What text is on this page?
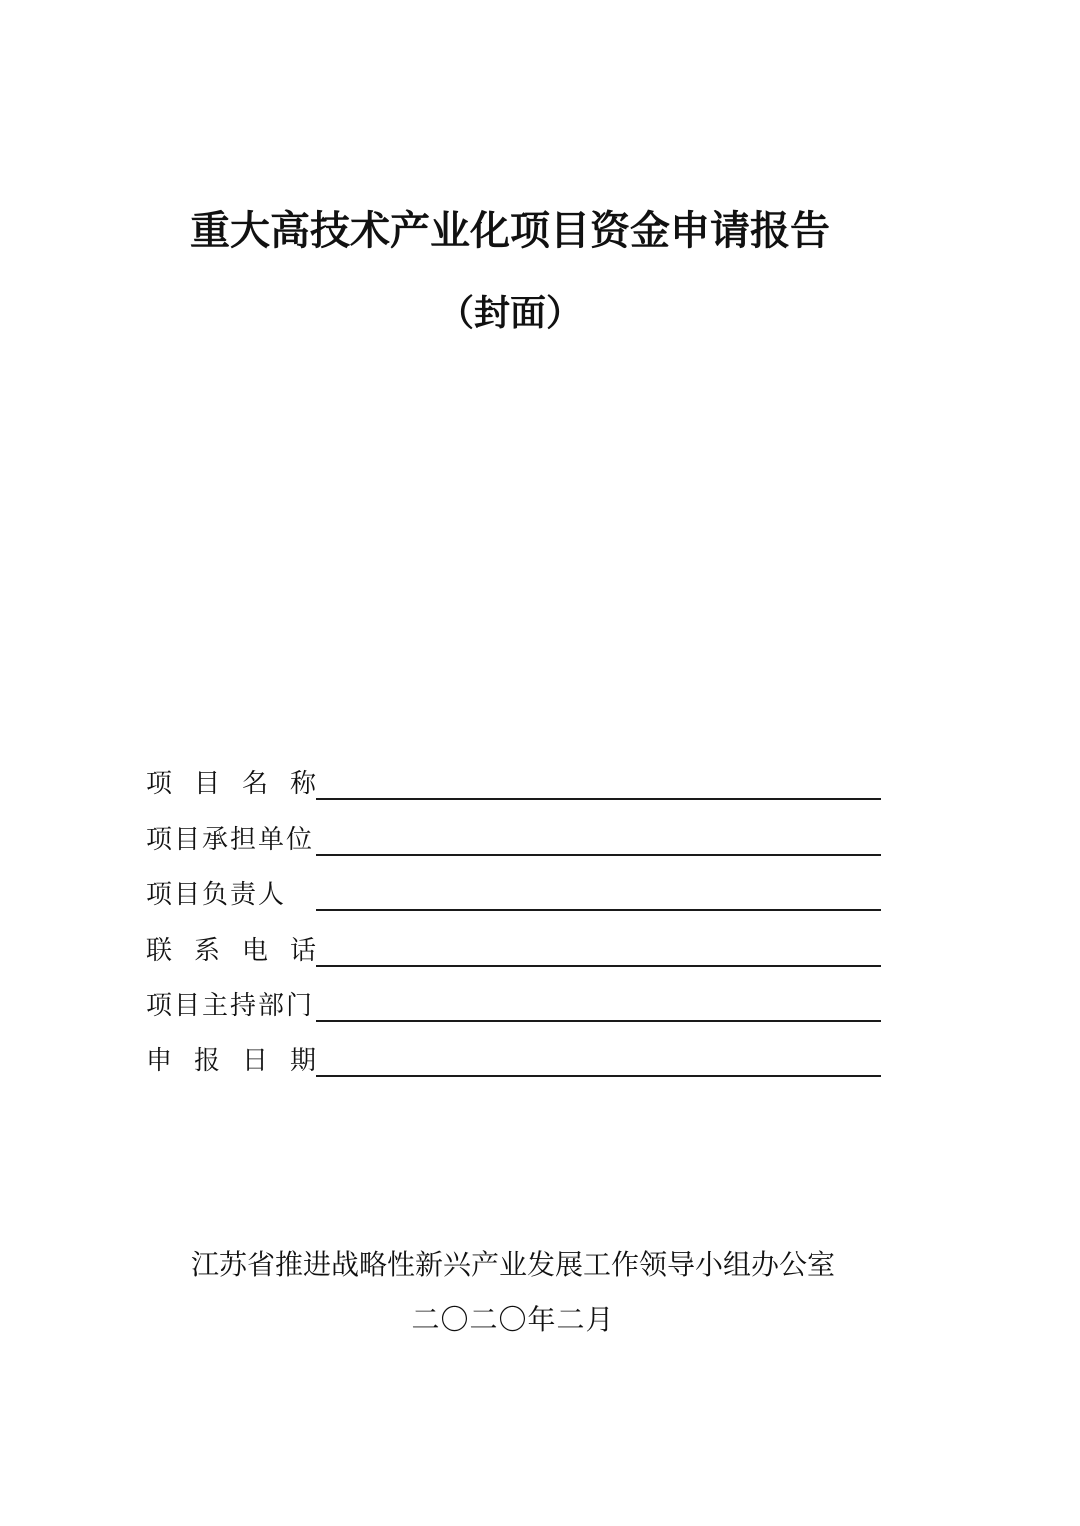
重大高技术产业化项目资金申请报告
（封面）
项 目 名 称
项目承担单位
项目负责人
联 系 电 话
项目主持部门
申 报 日 期
江苏省推进战略性新兴产业发展工作领导小组办公室
二〇二〇年二月
